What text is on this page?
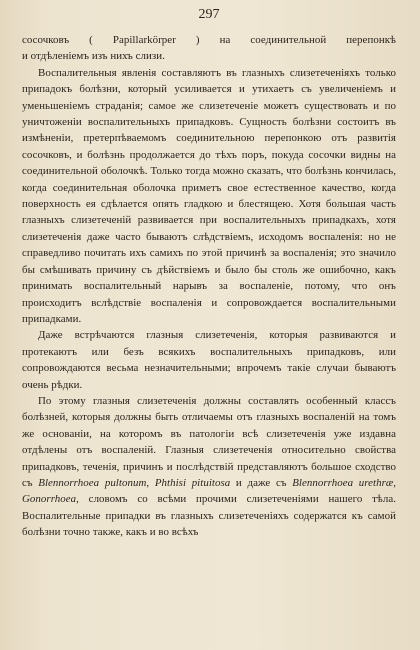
297

сосочковъ ( Papillarkörper ) на соединительной перепонкѣ
и отдѣленіемъ изъ нихъ слизи.

Воспалительныя явленія составляютъ въ глазныхъ слизетеченіяхъ только припадокъ болѣзни, который усиливается и утихаетъ съ увеличеніемъ и уменьшеніемъ страданія; самое же слизетеченіе можетъ существовать и по уничтоженіи воспалительныхъ припадковъ. Сущность болѣзни состоитъ въ измѣненіи, претерпѣваемомъ соединительною перепонкою отъ развитія сосочковъ, и болѣзнь продолжается до тѣхъ поръ, покуда сосочки видны на соединительной оболочкѣ. Только тогда можно сказать, что болѣзнь кончилась, когда соединительная оболочка приметъ свое естественное качество, когда поверхность ея сдѣлается опять гладкою и блестящею. Хотя большая часть глазныхъ слизетеченій развивается при воспалительныхъ припадкахъ, хотя слизетеченія даже часто бываютъ слѣдствіемъ, исходомъ воспаленія: но не справедливо почитать ихъ самихъ по этой причинѣ за воспаленія; это значило бы смѣшивать причину съ дѣйствіемъ и было бы столь же ошибочно, какъ принимать воспалительный нарывъ за воспаленіе, потому, что онъ происходитъ вслѣдствіе воспаленія и сопровождается воспалительными припадками.

Даже встрѣчаются глазныя слизетеченія, которыя развиваются и протекаютъ или безъ всякихъ воспалительныхъ припадковъ, или сопровождаются весьма незначительными; впрочемъ такіе случаи бываютъ очень рѣдки.

По этому глазныя слизетеченія должны составлять особенный классъ болѣзней, которыя должны быть отличаемы отъ глазныхъ воспаленій на томъ же основаніи, на которомъ въ патологіи всѣ слизетеченія уже издавна отдѣлены отъ воспаленій. Глазныя слизетеченія относительно свойства припадковъ, теченія, причинъ и послѣдствій представляютъ большое сходство съ Blennorrhoea pultonum, Phthisi pituitosa и даже съ Blennorrhoea urethræ, Gonorrhoea, словомъ со всѣми прочими слизетеченіями нашего тѣла. Воспалительные припадки въ глазныхъ слизетеченіяхъ содержатся къ самой болѣзни точно также, какъ и во всѣхъ
